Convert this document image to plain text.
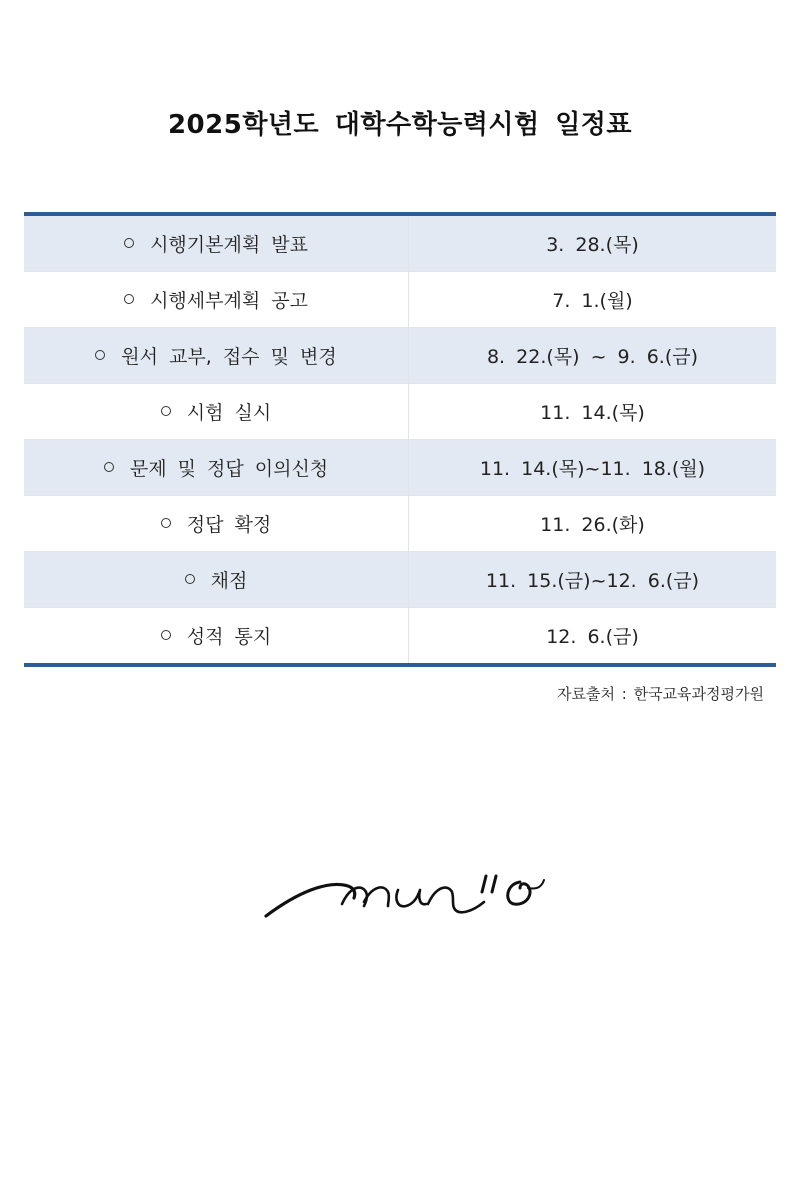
2025학년도 대학수학능력시험 일정표
시행기본계획 발표	3. 28.(목)
시행세부계획 공고	7. 1.(월)
원서 교부, 접수 및 변경	8. 22.(목) ~ 9. 6.(금)
시험 실시	11. 14.(목)
문제 및 정답 이의신청	11. 14.(목)~11. 18.(월)
정답 확정	11. 26.(화)
채점	11. 15.(금)~12. 6.(금)
성적 통지	12. 6.(금)
자료출처 : 한국교육과정평가원
